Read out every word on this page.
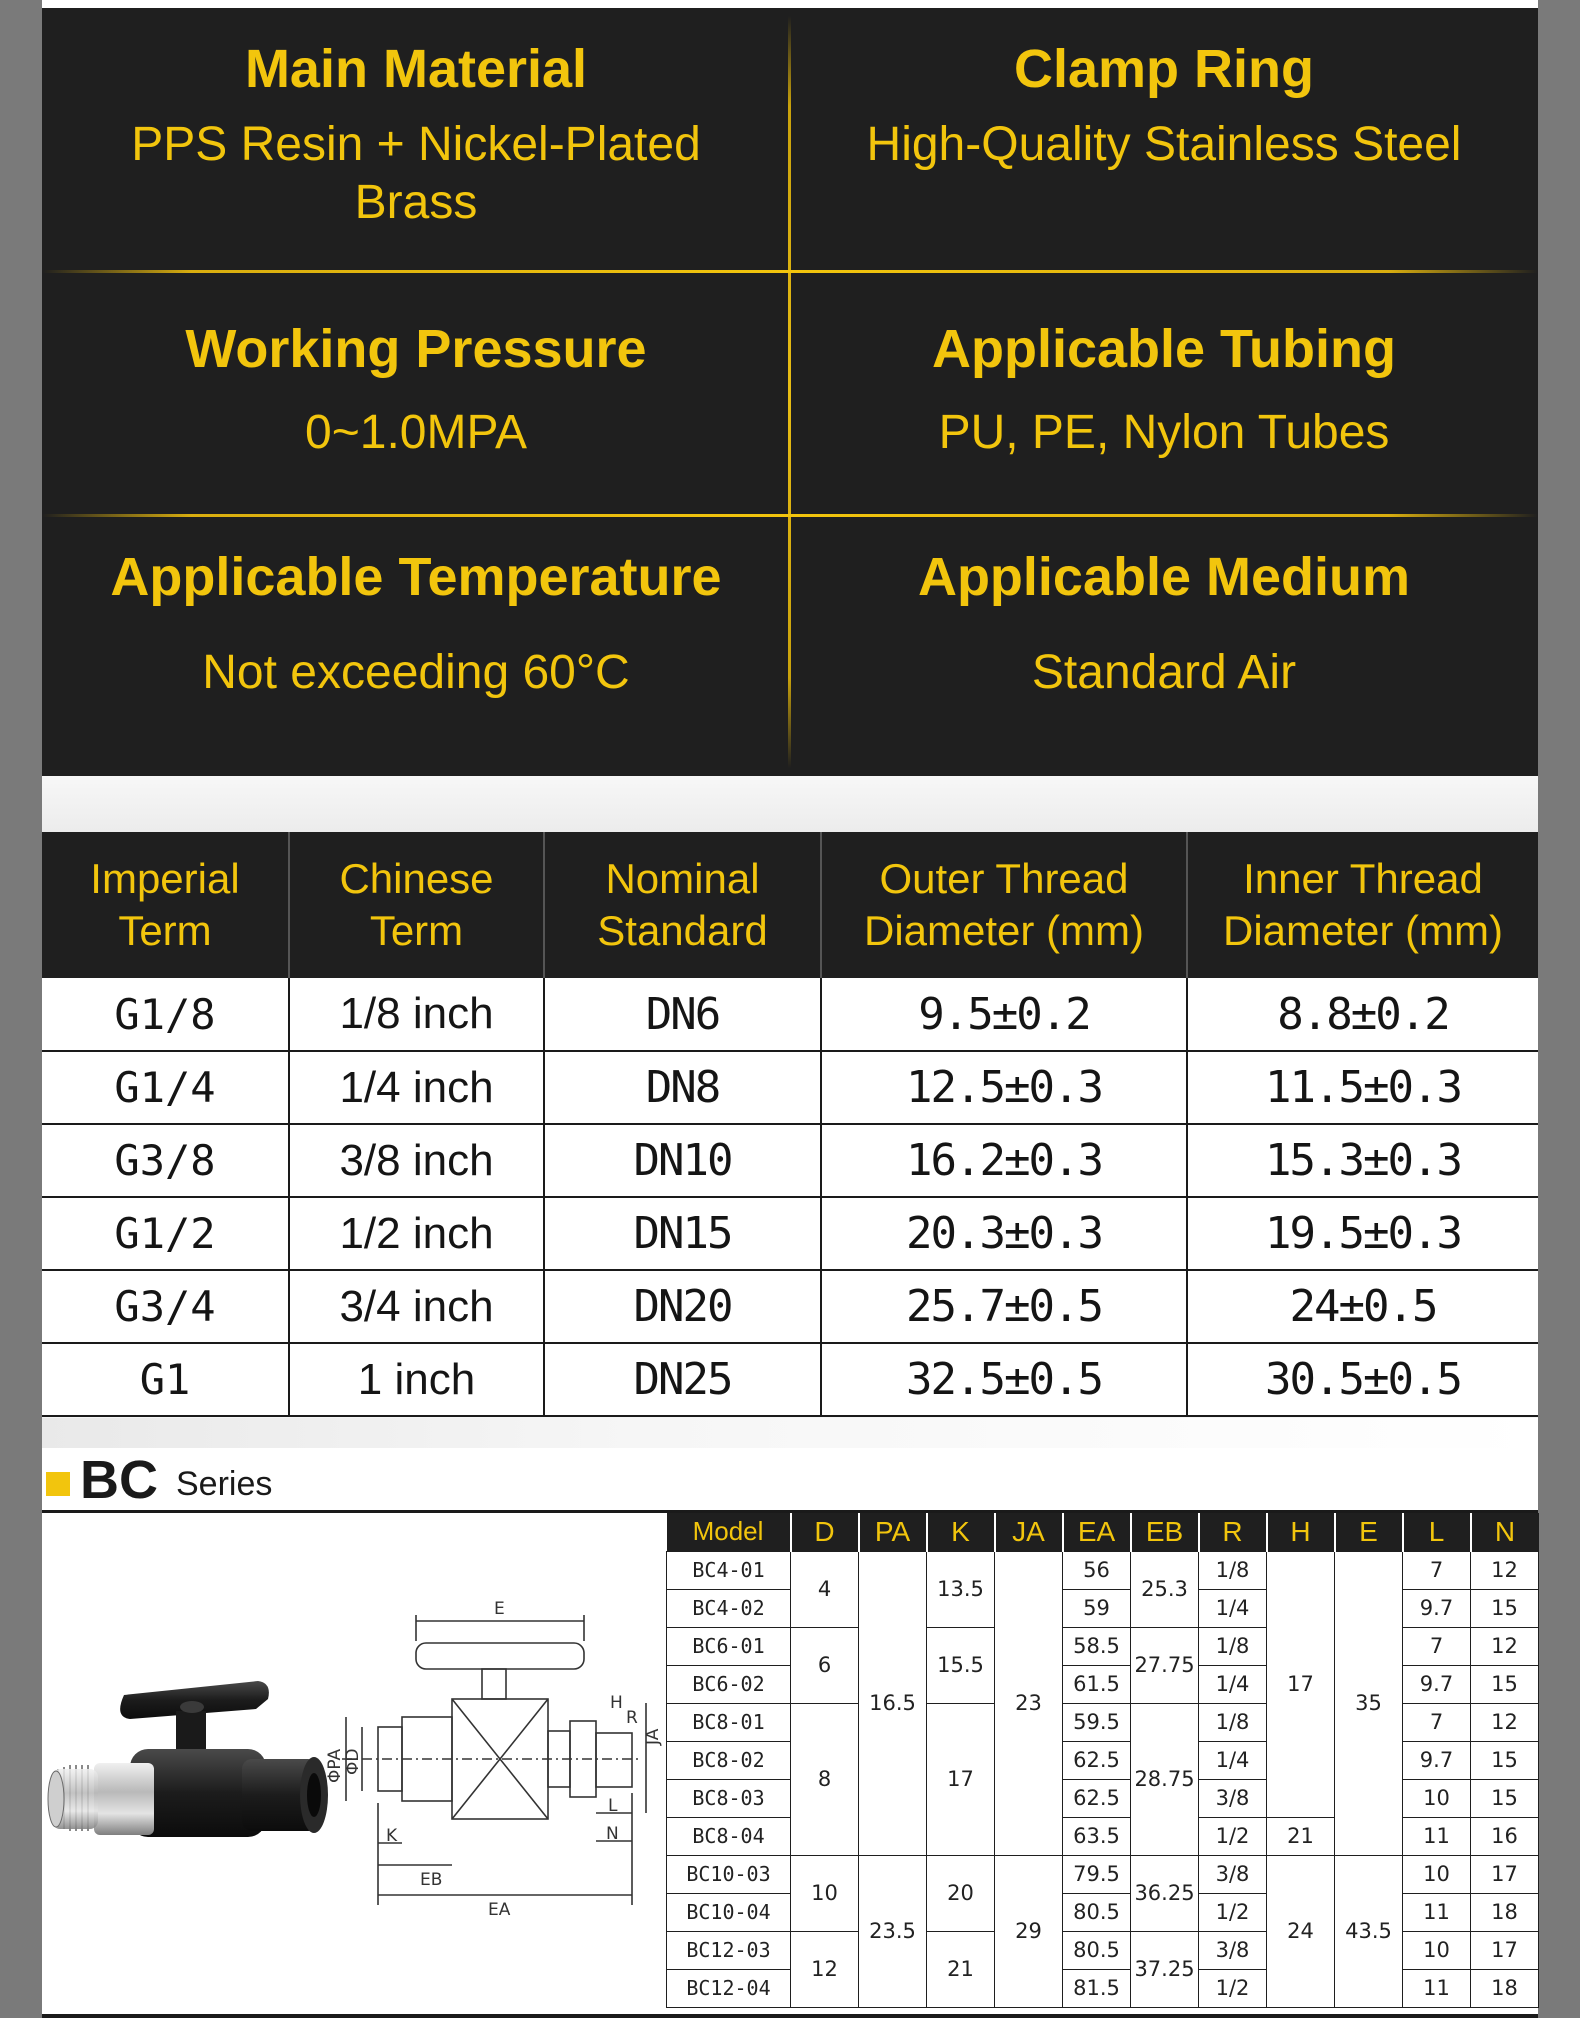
Main Material
PPS Resin + Nickel-Plated Brass
Clamp Ring
High-Quality Stainless Steel
Working Pressure
0~1.0MPA
Applicable Tubing
PU, PE, Nylon Tubes
Applicable Temperature
Not exceeding 60°C
Applicable Medium
Standard Air
Imperial Term	Chinese Term	Nominal Standard	Outer Thread Diameter (mm)	Inner Thread Diameter (mm)
G1/8	1/8 inch	DN6	9.5±0.2	8.8±0.2
G1/4	1/4 inch	DN8	12.5±0.3	11.5±0.3
G3/8	3/8 inch	DN10	16.2±0.3	15.3±0.3
G1/2	1/2 inch	DN15	20.3±0.3	19.5±0.3
G3/4	3/4 inch	DN20	25.7±0.5	24±0.5
G1	1 inch	DN25	32.5±0.5	30.5±0.5
BC Series
E
H
R
JA
ΦPA
ΦD
K
EB
L
N
EA
Model	D	PA	K	JA	EA	EB	R	H	E	L	N
BC4-01	4	16.5	13.5	23	56	25.3	1/8	17	35	7	12
BC4-02					59		1/4			9.7	15
BC6-01	6		15.5		58.5	27.75	1/8			7	12
BC6-02					61.5		1/4			9.7	15
BC8-01	8		17		59.5	28.75	1/8			7	12
BC8-02					62.5		1/4			9.7	15
BC8-03					62.5		3/8			10	15
BC8-04					63.5		1/2	21		11	16
BC10-03	10	23.5	20	29	79.5	36.25	3/8	24	43.5	10	17
BC10-04					80.5		1/2			11	18
BC12-03	12		21		80.5	37.25	3/8			10	17
BC12-04					81.5		1/2			11	18
